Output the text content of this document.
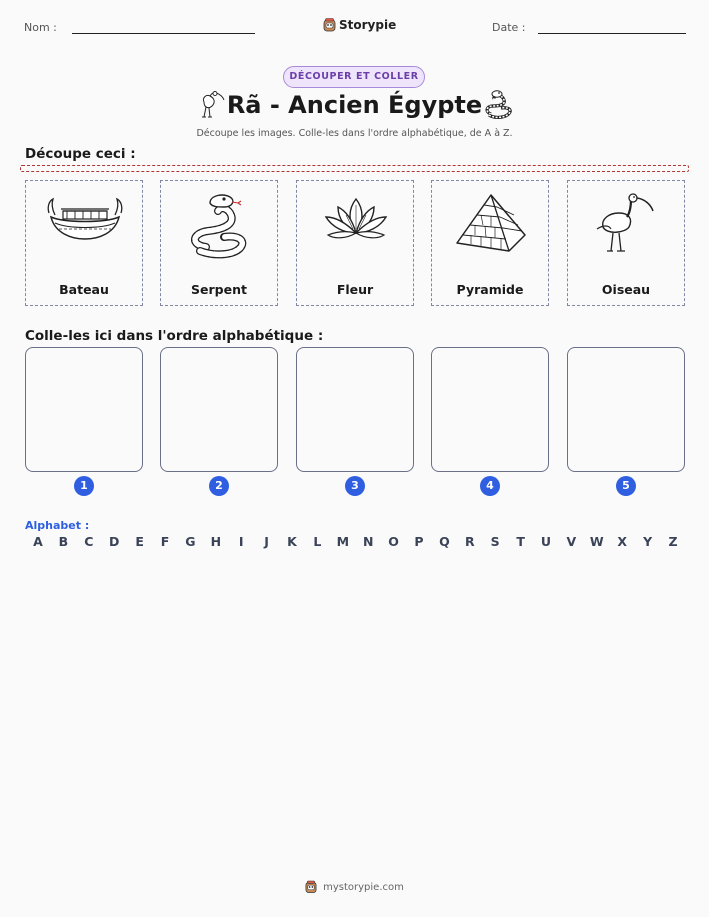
Nom :	Storypie	Date :
DÉCOUPER ET COLLER
Rã - Ancien Égypte
Découpe les images. Colle-les dans l'ordre alphabétique, de A à Z.
Découpe ceci :
Bateau	Serpent	Fleur	Pyramide	Oiseau
Colle-les ici dans l'ordre alphabétique :
1	2	3	4	5
Alphabet :
A	B	C	D	E	F	G	H	I	J	K	L	M	N	O	P	Q	R	S	T	U	V	W	X	Y	Z
mystorypie.com
